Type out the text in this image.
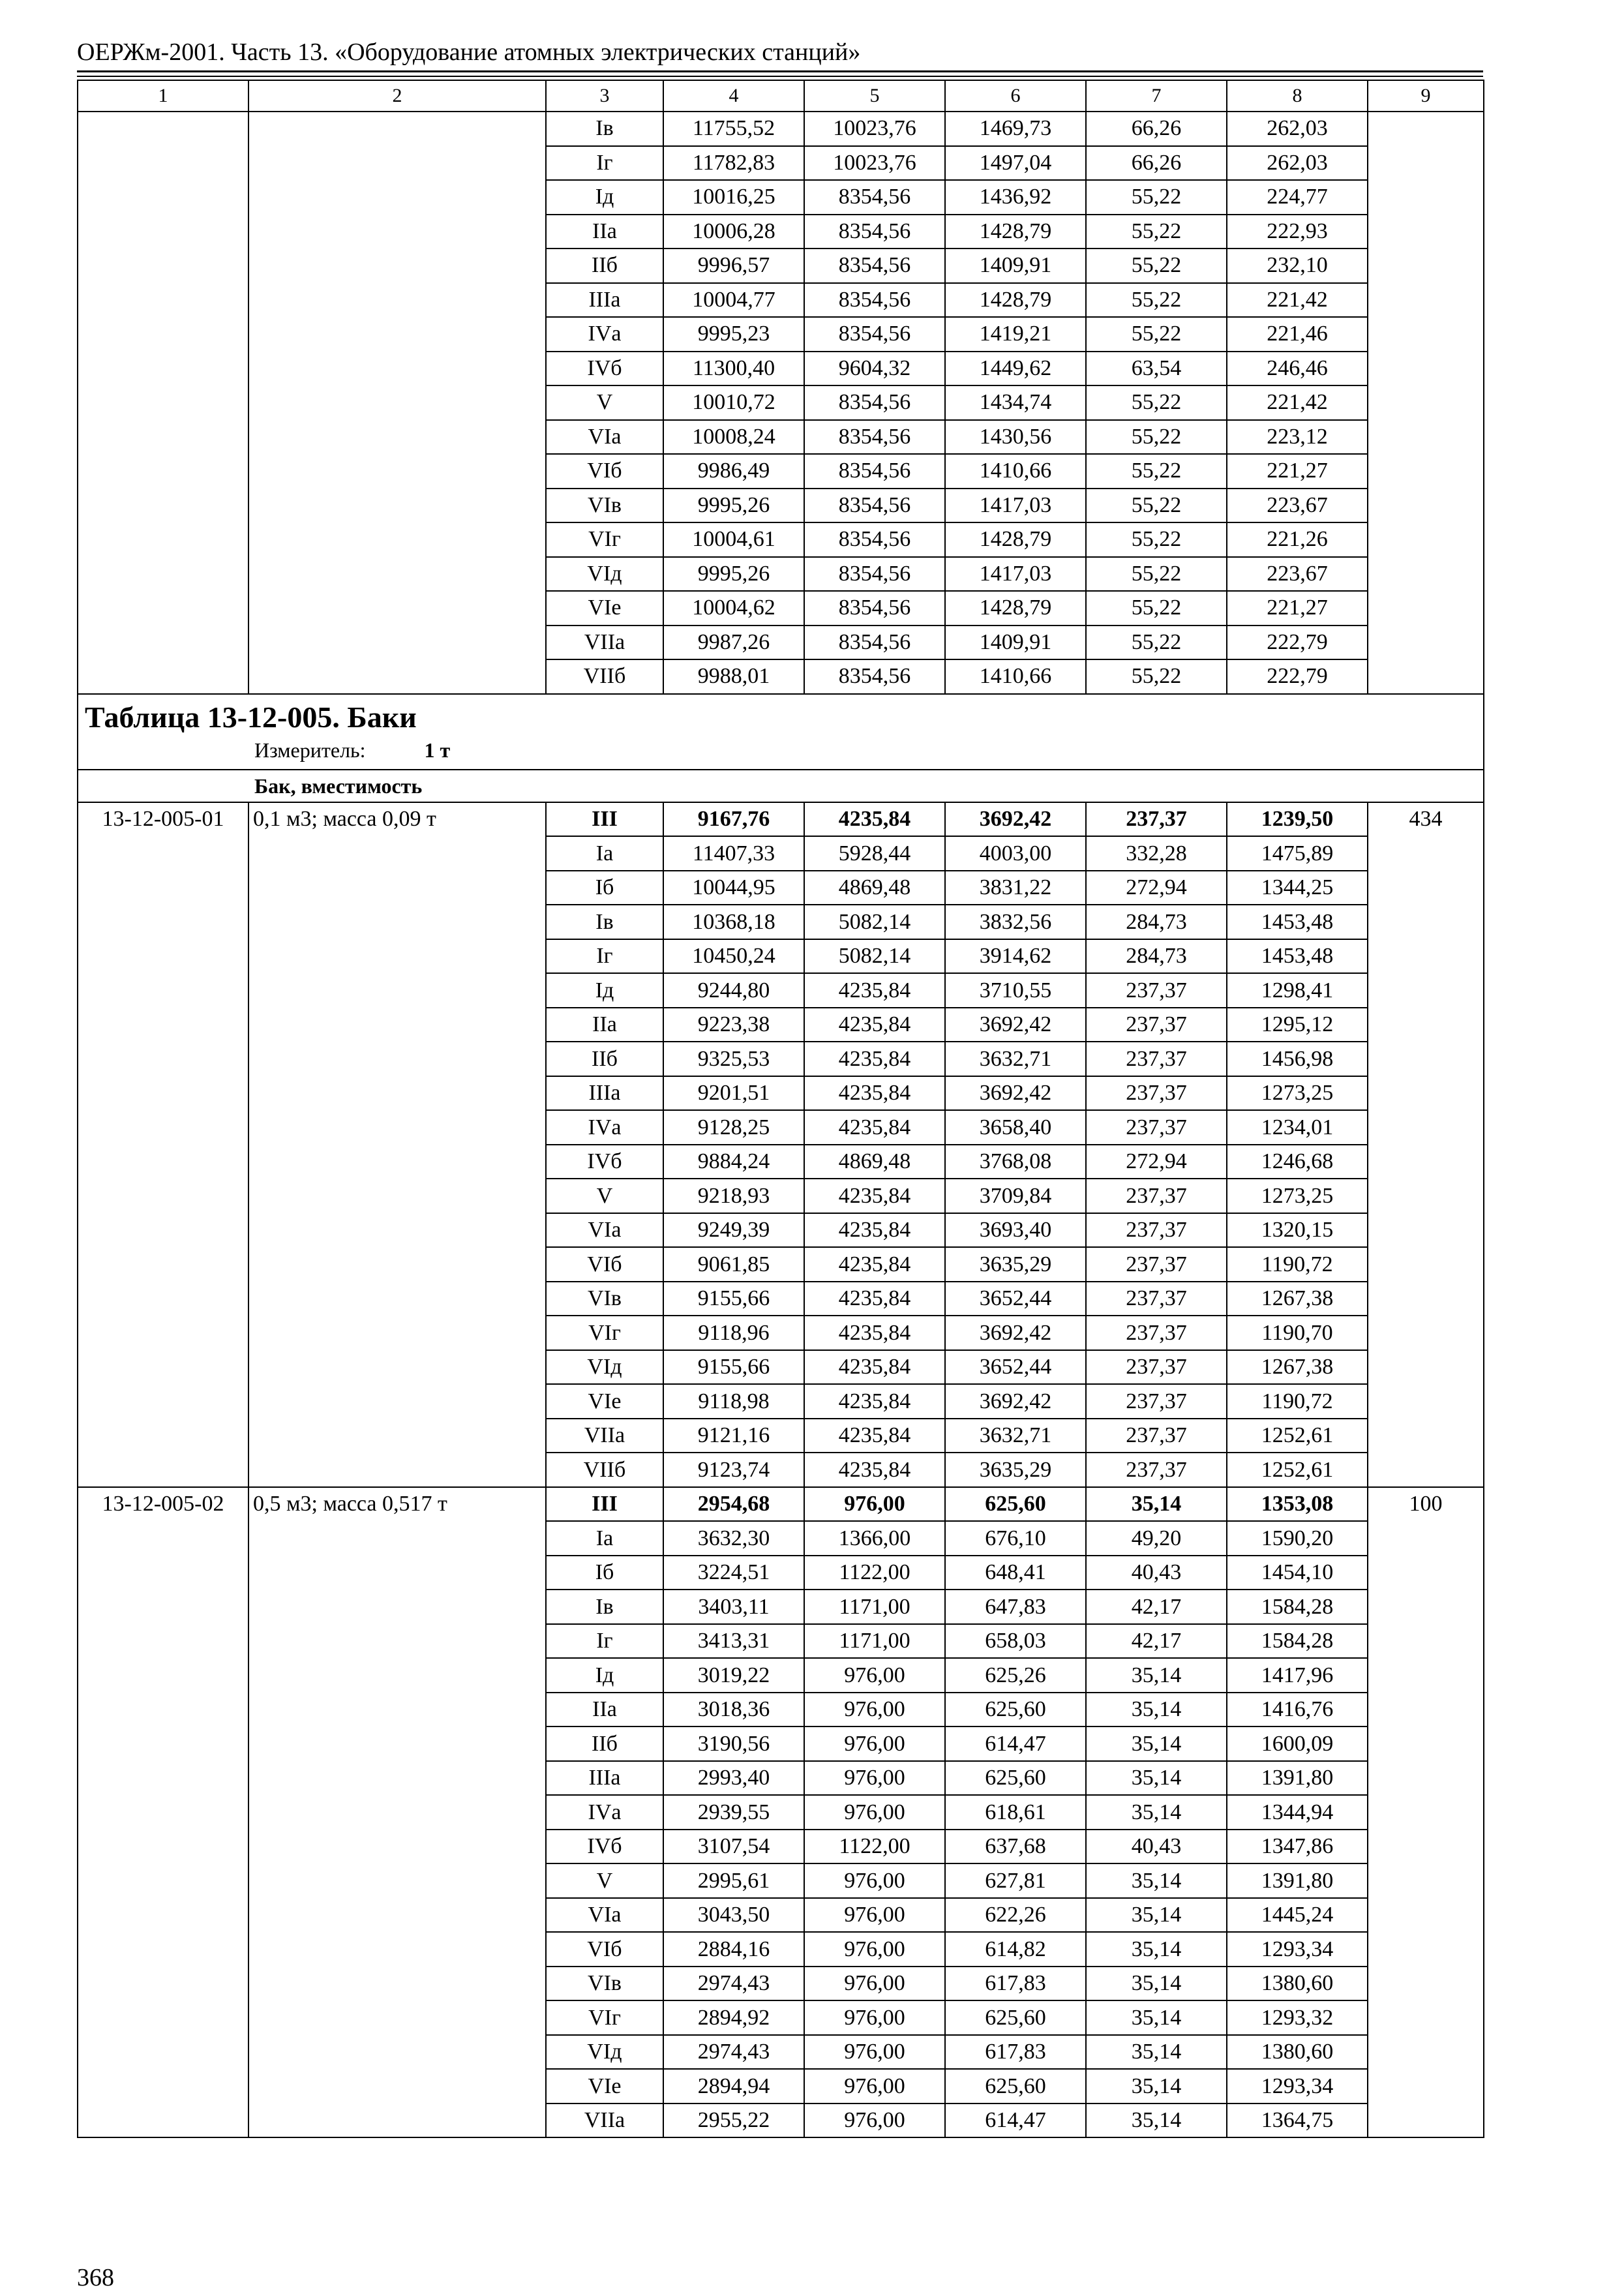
ОЕРЖм-2001. Часть 13. «Оборудование атомных электрических станций»
1	2	3	4	5	6	7	8	9
		Iв	11755,52	10023,76	1469,73	66,26	262,03	
		Iг	11782,83	10023,76	1497,04	66,26	262,03	
		Iд	10016,25	8354,56	1436,92	55,22	224,77	
		IIа	10006,28	8354,56	1428,79	55,22	222,93	
		IIб	9996,57	8354,56	1409,91	55,22	232,10	
		IIIа	10004,77	8354,56	1428,79	55,22	221,42	
		IVа	9995,23	8354,56	1419,21	55,22	221,46	
		IVб	11300,40	9604,32	1449,62	63,54	246,46	
		V	10010,72	8354,56	1434,74	55,22	221,42	
		VIа	10008,24	8354,56	1430,56	55,22	223,12	
		VIб	9986,49	8354,56	1410,66	55,22	221,27	
		VIв	9995,26	8354,56	1417,03	55,22	223,67	
		VIг	10004,61	8354,56	1428,79	55,22	221,26	
		VIд	9995,26	8354,56	1417,03	55,22	223,67	
		VIе	10004,62	8354,56	1428,79	55,22	221,27	
		VIIа	9987,26	8354,56	1409,91	55,22	222,79	
		VIIб	9988,01	8354,56	1410,66	55,22	222,79	

Таблица 13-12-005. Баки
Измеритель: 1 т								

Бак, вместимость								
13-12-005-01	0,1 м3; масса 0,09 т	III	9167,76	4235,84	3692,42	237,37	1239,50	434
		Iа	11407,33	5928,44	4003,00	332,28	1475,89	
		Iб	10044,95	4869,48	3831,22	272,94	1344,25	
		Iв	10368,18	5082,14	3832,56	284,73	1453,48	
		Iг	10450,24	5082,14	3914,62	284,73	1453,48	
		Iд	9244,80	4235,84	3710,55	237,37	1298,41	
		IIа	9223,38	4235,84	3692,42	237,37	1295,12	
		IIб	9325,53	4235,84	3632,71	237,37	1456,98	
		IIIа	9201,51	4235,84	3692,42	237,37	1273,25	
		IVа	9128,25	4235,84	3658,40	237,37	1234,01	
		IVб	9884,24	4869,48	3768,08	272,94	1246,68	
		V	9218,93	4235,84	3709,84	237,37	1273,25	
		VIа	9249,39	4235,84	3693,40	237,37	1320,15	
		VIб	9061,85	4235,84	3635,29	237,37	1190,72	
		VIв	9155,66	4235,84	3652,44	237,37	1267,38	
		VIг	9118,96	4235,84	3692,42	237,37	1190,70	
		VIд	9155,66	4235,84	3652,44	237,37	1267,38	
		VIе	9118,98	4235,84	3692,42	237,37	1190,72	
		VIIа	9121,16	4235,84	3632,71	237,37	1252,61	
		VIIб	9123,74	4235,84	3635,29	237,37	1252,61	
13-12-005-02	0,5 м3; масса 0,517 т	III	2954,68	976,00	625,60	35,14	1353,08	100
		Iа	3632,30	1366,00	676,10	49,20	1590,20	
		Iб	3224,51	1122,00	648,41	40,43	1454,10	
		Iв	3403,11	1171,00	647,83	42,17	1584,28	
		Iг	3413,31	1171,00	658,03	42,17	1584,28	
		Iд	3019,22	976,00	625,26	35,14	1417,96	
		IIа	3018,36	976,00	625,60	35,14	1416,76	
		IIб	3190,56	976,00	614,47	35,14	1600,09	
		IIIа	2993,40	976,00	625,60	35,14	1391,80	
		IVа	2939,55	976,00	618,61	35,14	1344,94	
		IVб	3107,54	1122,00	637,68	40,43	1347,86	
		V	2995,61	976,00	627,81	35,14	1391,80	
		VIа	3043,50	976,00	622,26	35,14	1445,24	
		VIб	2884,16	976,00	614,82	35,14	1293,34	
		VIв	2974,43	976,00	617,83	35,14	1380,60	
		VIг	2894,92	976,00	625,60	35,14	1293,32	
		VIд	2974,43	976,00	617,83	35,14	1380,60	
		VIе	2894,94	976,00	625,60	35,14	1293,34	
		VIIа	2955,22	976,00	614,47	35,14	1364,75	
368
